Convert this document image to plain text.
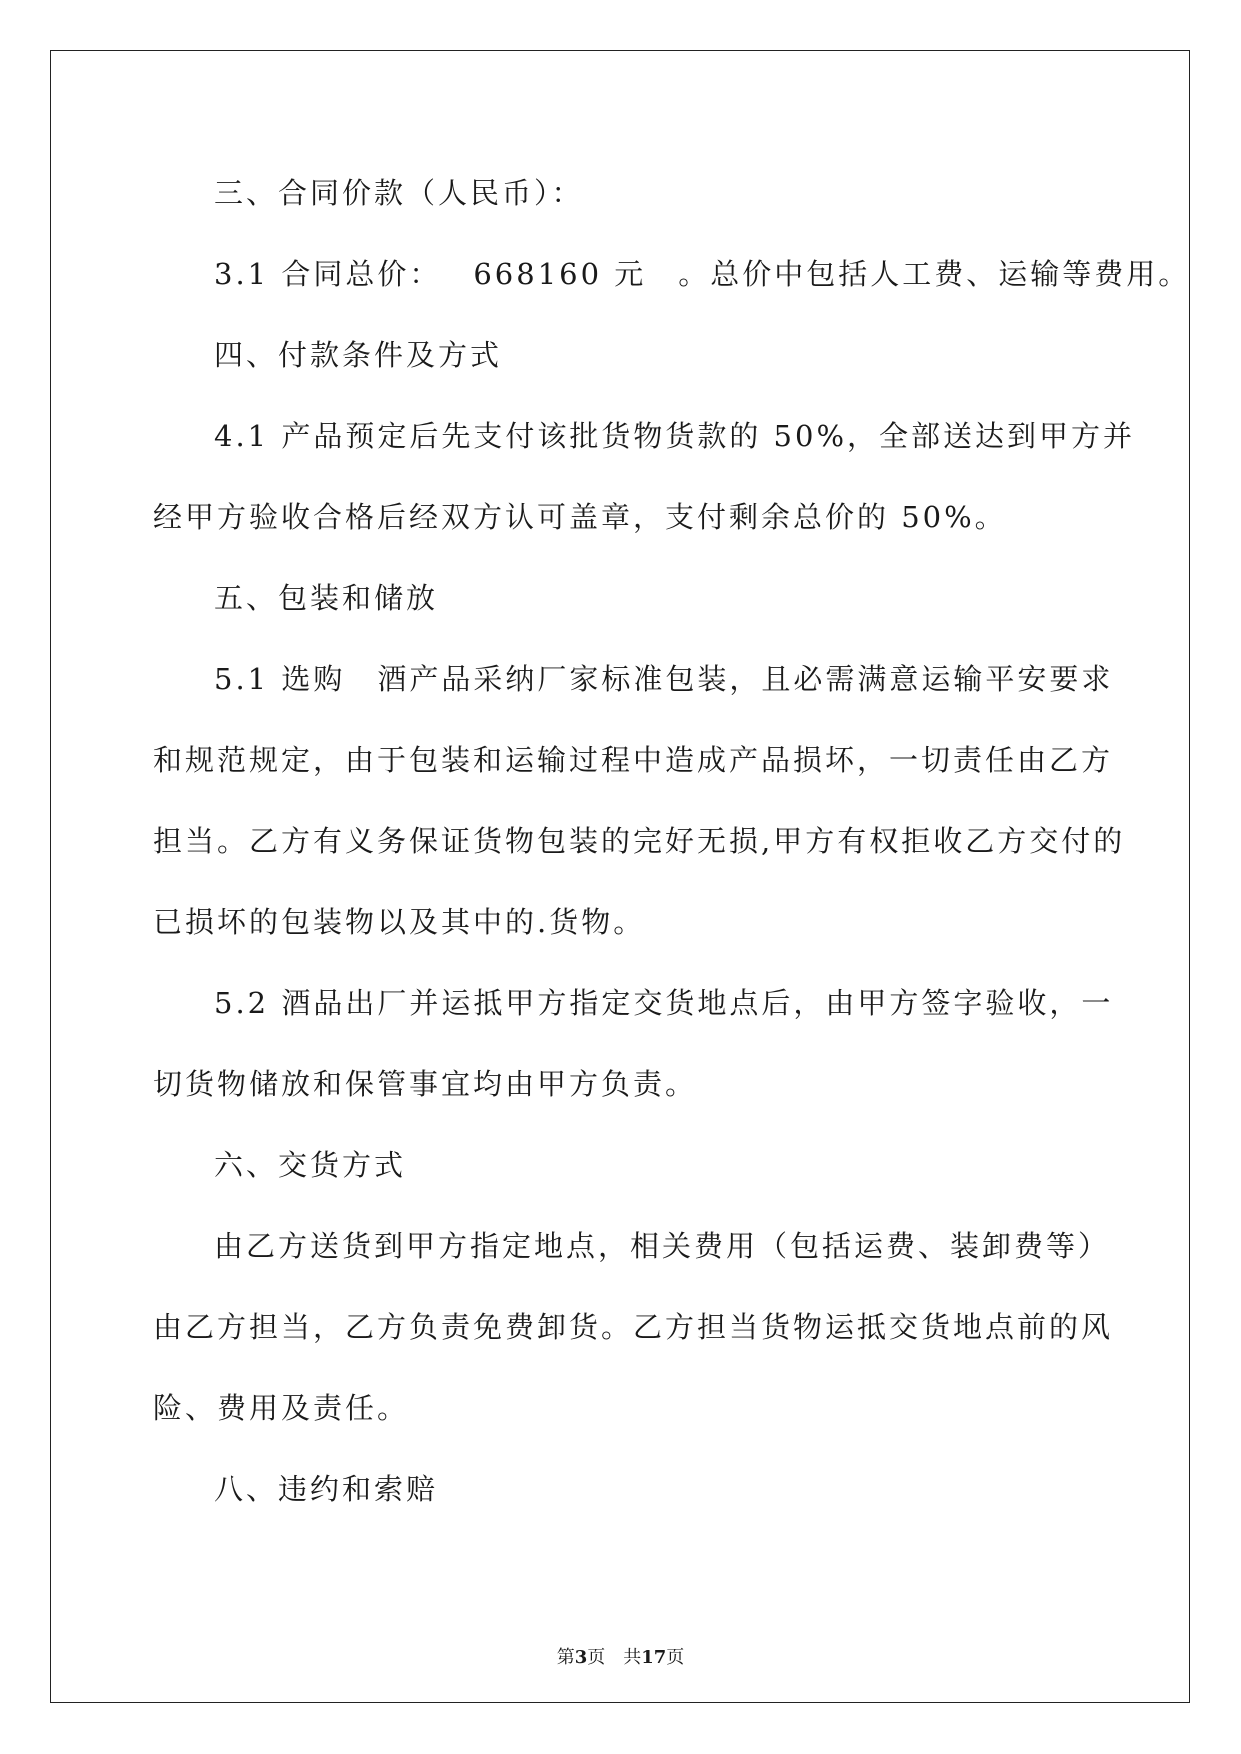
三、合同价款（人民币）：
3.1 合同总价： 668160 元 。总价中包括人工费、运输等费用。
四、付款条件及方式
4.1 产品预定后先支付该批货物货款的 50%，全部送达到甲方并
经甲方验收合格后经双方认可盖章，支付剩余总价的 50%。
五、包装和储放
5.1 选购 酒产品采纳厂家标准包装，且必需满意运输平安要求
和规范规定，由于包装和运输过程中造成产品损坏，一切责任由乙方
担当。乙方有义务保证货物包装的完好无损,甲方有权拒收乙方交付的
已损坏的包装物以及其中的.货物。
5.2 酒品出厂并运抵甲方指定交货地点后，由甲方签字验收，一
切货物储放和保管事宜均由甲方负责。
六、交货方式
由乙方送货到甲方指定地点，相关费用（包括运费、装卸费等）
由乙方担当，乙方负责免费卸货。乙方担当货物运抵交货地点前的风
险、费用及责任。
八、违约和索赔
第3页 共17页
